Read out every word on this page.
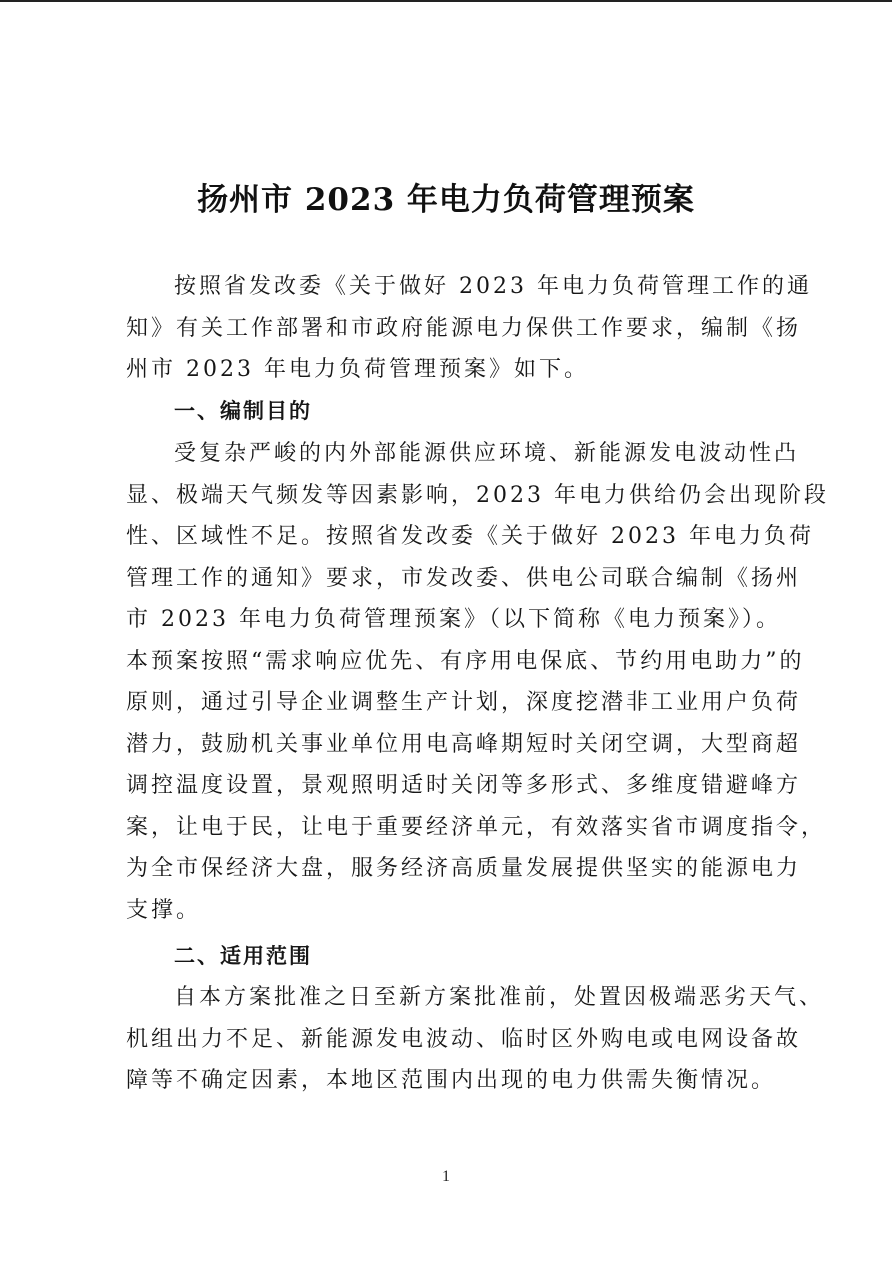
扬州市 2023 年电力负荷管理预案
按照省发改委《关于做好 2023 年电力负荷管理工作的通
知》有关工作部署和市政府能源电力保供工作要求，编制《扬
州市 2023 年电力负荷管理预案》如下。
一、编制目的
受复杂严峻的内外部能源供应环境、新能源发电波动性凸
显、极端天气频发等因素影响，2023 年电力供给仍会出现阶段
性、区域性不足。按照省发改委《关于做好 2023 年电力负荷
管理工作的通知》要求，市发改委、供电公司联合编制《扬州
市 2023 年电力负荷管理预案》（以下简称《电力预案》）。
本预案按照“需求响应优先、有序用电保底、节约用电助力”的
原则，通过引导企业调整生产计划，深度挖潜非工业用户负荷
潜力，鼓励机关事业单位用电高峰期短时关闭空调，大型商超
调控温度设置，景观照明适时关闭等多形式、多维度错避峰方
案，让电于民，让电于重要经济单元，有效落实省市调度指令，
为全市保经济大盘，服务经济高质量发展提供坚实的能源电力
支撑。
二、适用范围
自本方案批准之日至新方案批准前，处置因极端恶劣天气、
机组出力不足、新能源发电波动、临时区外购电或电网设备故
障等不确定因素，本地区范围内出现的电力供需失衡情况。
1
